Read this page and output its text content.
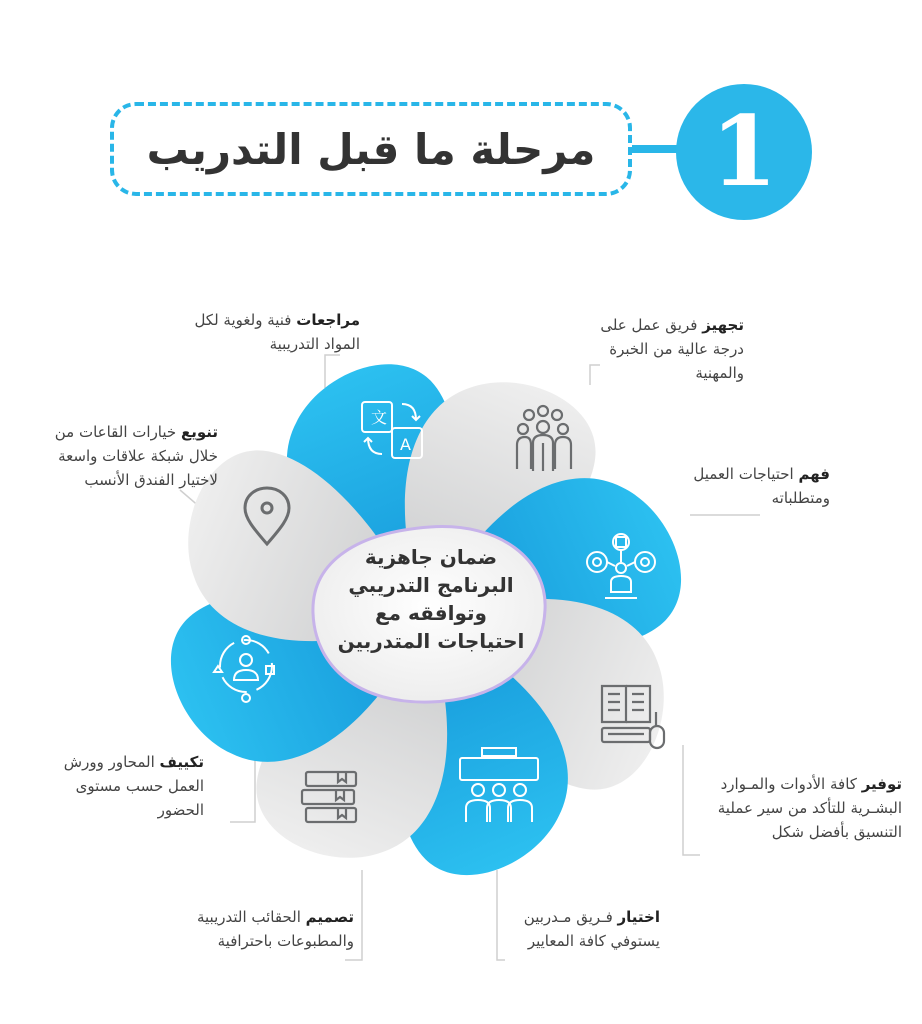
مرحلة ما قبل التدريب 1
文
A
ضمان جاهزية
البرنامج التدريبي
وتوافقه مع
احتياجات المتدربين
تجهيز فريق عمل على
درجة عالية من الخبرة
والمهنية
فهم احتياجات العميل
ومتطلباته
توفير كافة الأدوات والمـوارد
البشـرية للتأكد من سير عملية
التنسيق بأفضل شكل
اختيار فـريق مـدربين
يستوفي كافة المعايير
تصميم الحقائب التدريبية
والمطبوعات باحترافية
تكييف المحاور وورش
العمل حسب مستوى
الحضور
تنويع خيارات القاعات من
خلال شبكة علاقات واسعة
لاختيار الفندق الأنسب
مراجعات فنية ولغوية لكل
المواد التدريبية
